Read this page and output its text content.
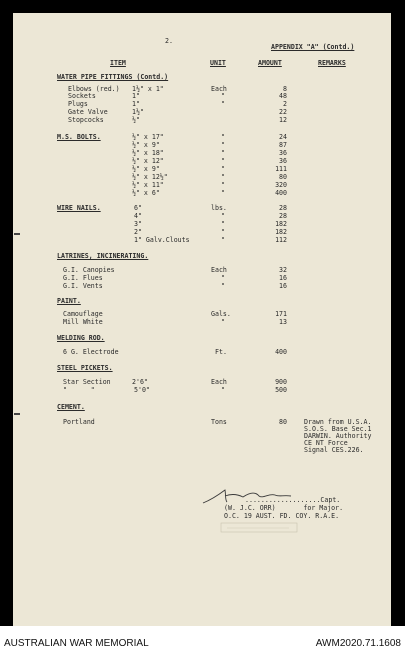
2.
APPENDIX "A" (Contd.)
ITEM	UNIT	AMOUNT	REMARKS
WATER PIPE FITTINGS (Contd.)
Elbows (red.) 1½" x 1"	Each	8
Sockets	1"	"	48
Plugs	1"	"	2
Gate Valve	1½"	22
Stopcocks	½"	12
M.S. BOLTS.	½" x 17"	"	24
½" x 9"	"	87
½" x 18"	"	36
½" x 12"	"	36
½" x 9"	"	111
½" x 12½"	"	80
½" x 11"	"	320
½" x 6"	"	400
WIRE NAILS.	6"	lbs.	28
4"	"	28
3"	"	182
2"	"	182
1" Galv.Clouts	"	112
LATRINES, INCINERATING.
G.I. Canopies	Each	32
G.I. Flues	"	16
G.I. Vents	"	16
PAINT.
Camouflage	Gals.	171
Mill White	"	13
WELDING ROD.
6 G. Electrode	Ft.	400
STEEL PICKETS.
Star Section	2'6"	Each	900
"      "	5'0"	"	500
CEMENT.
Portland	Tons	80	Drawn from U.S.A.
S.O.S. Base Sec.1
DARWIN. Authority
CE NT Force
Signal CES.226.
...................Capt.
(W. J.C. ORR)       for Major.
O.C. 19 AUST. FD. COY. R.A.E.
AUSTRALIAN WAR MEMORIAL	AWM2020.71.1608
